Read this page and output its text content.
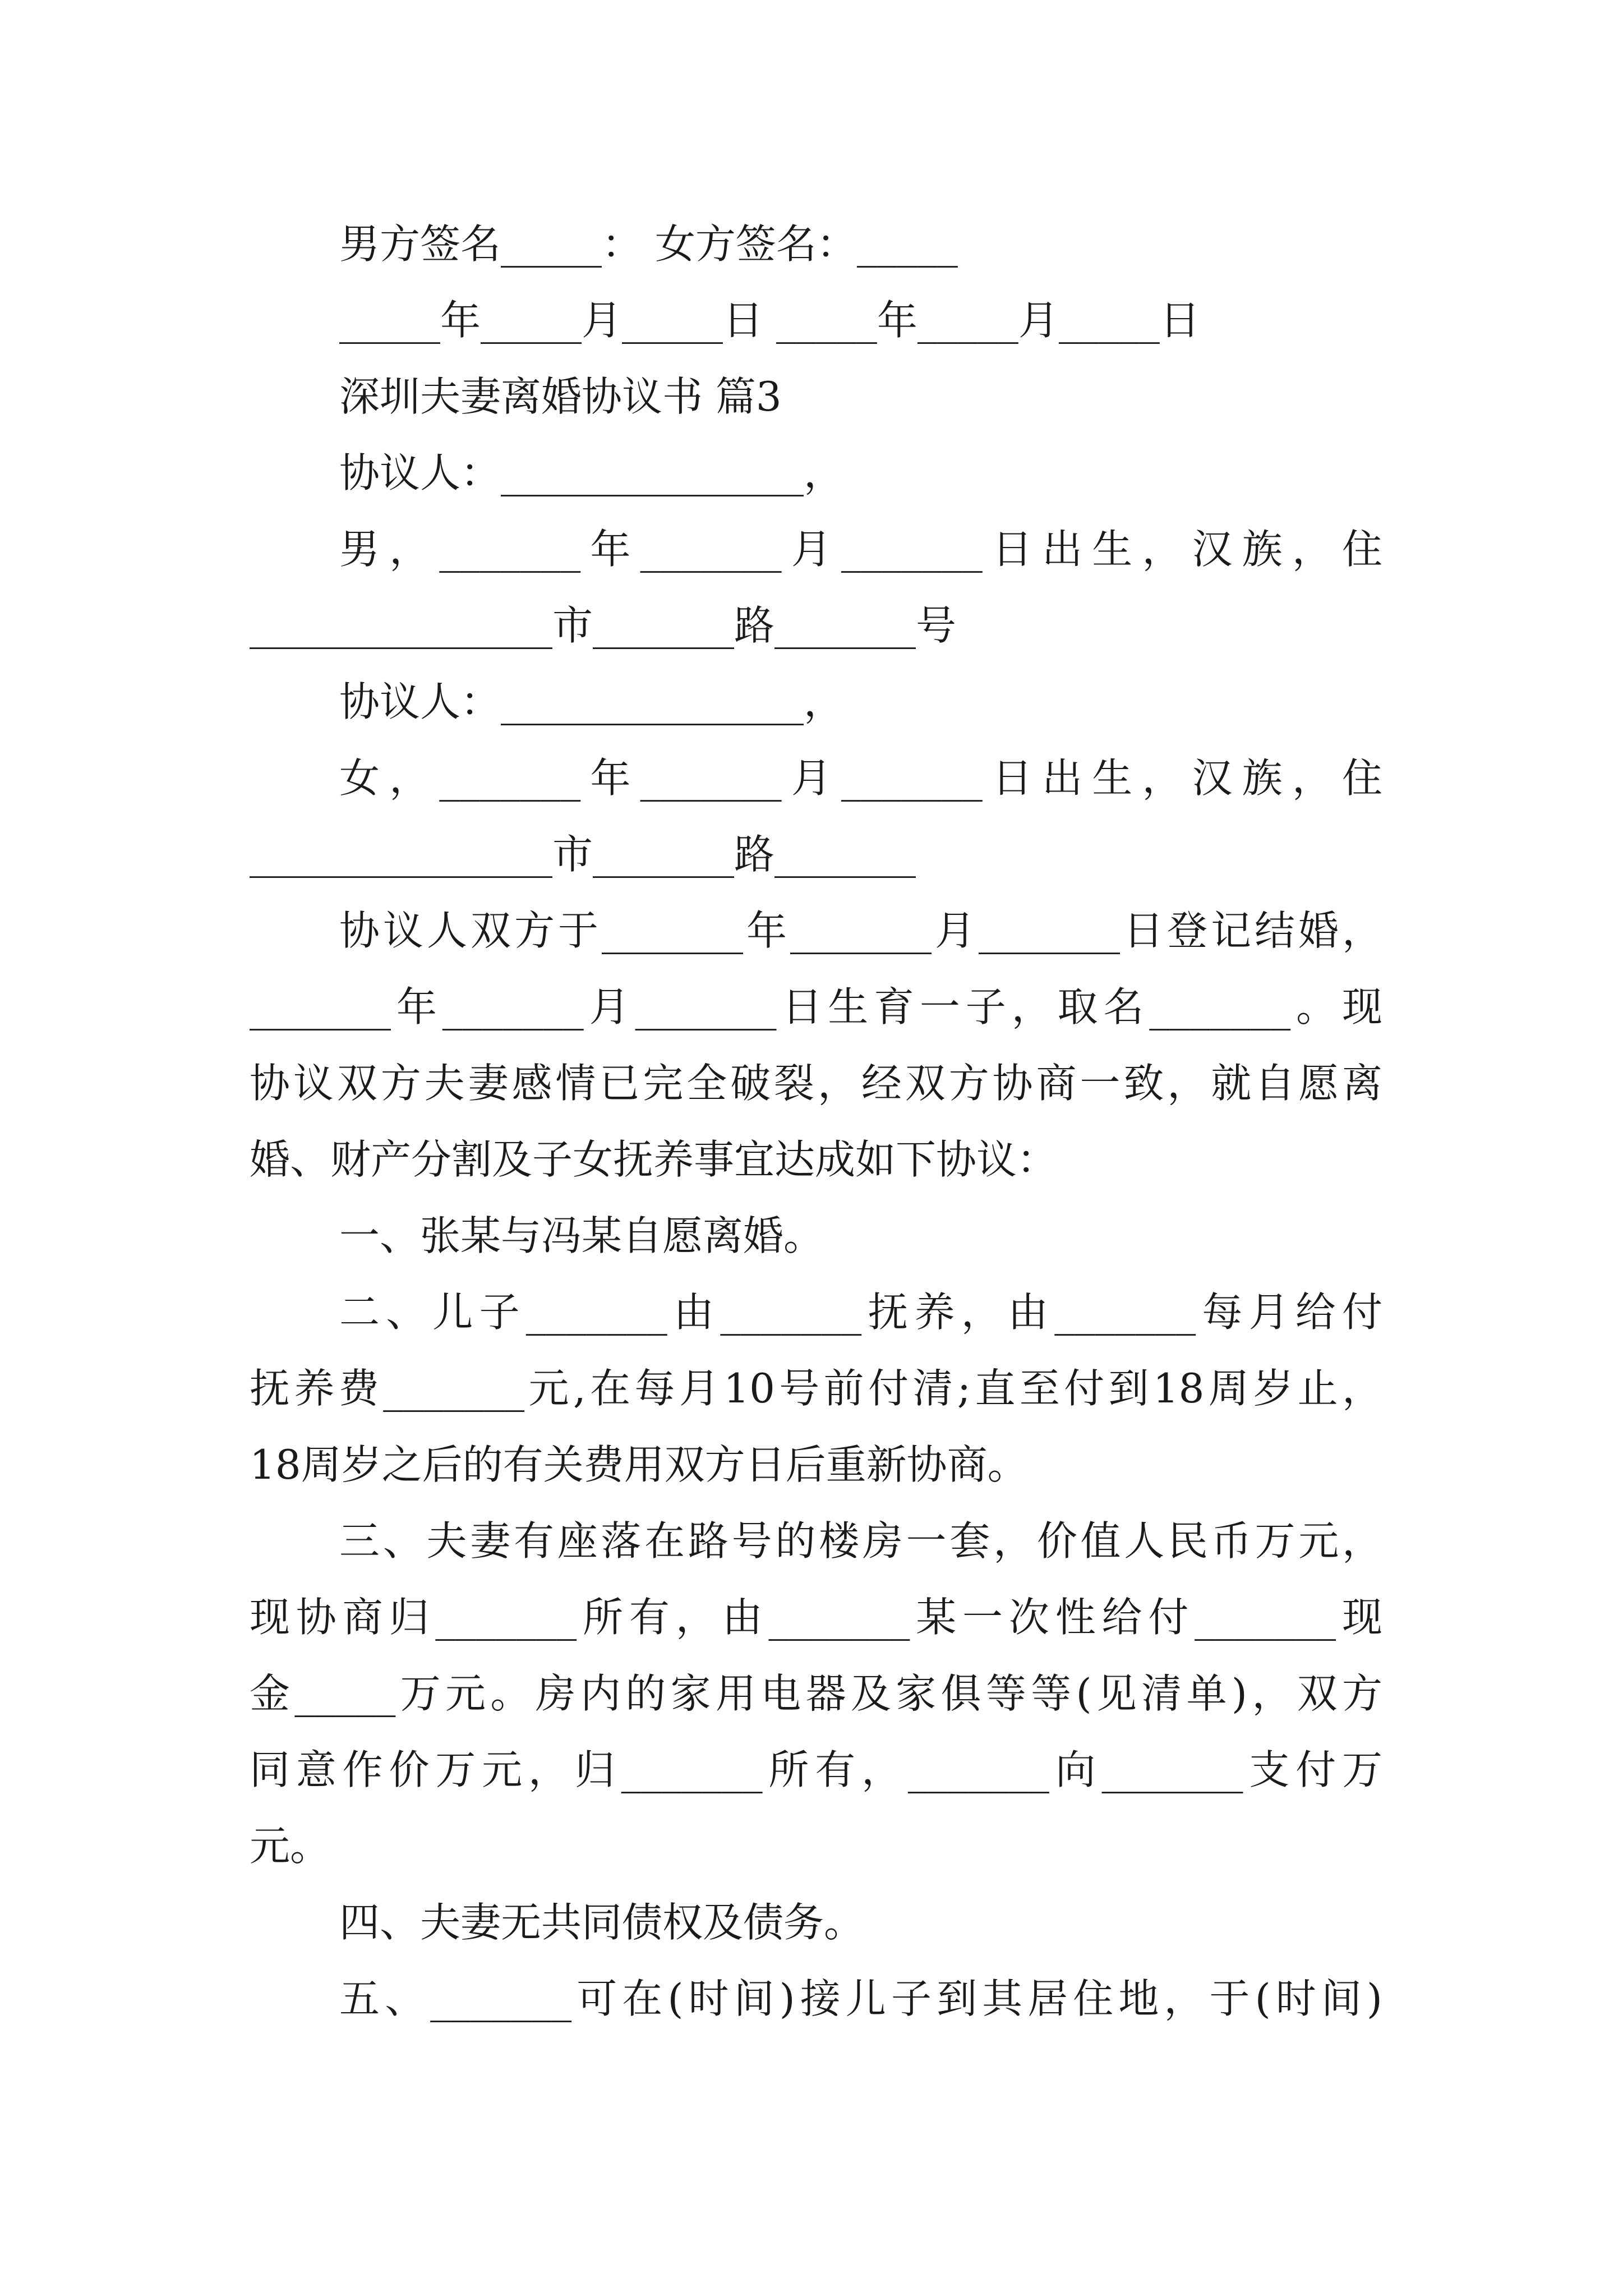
男方签名_____： 女方签名：_____
_____年_____月_____日 _____年_____月_____日
深圳夫妻离婚协议书 篇3
协议人：_______________，
男，_______年_______月_______日出生，汉族，住
_______________市_______路_______号
协议人：_______________，
女，_______年_______月_______日出生，汉族，住
_______________市_______路_______
协议人双方于_______年_______月_______日登记结婚，
_______年_______月_______日生育一子，取名_______。现
协议双方夫妻感情已完全破裂，经双方协商一致，就自愿离
婚、财产分割及子女抚养事宜达成如下协议：
一、张某与冯某自愿离婚。
二、儿子_______由_______抚养，由_______每月给付
抚养费_______元,在每月10号前付清;直至付到18周岁止，
18周岁之后的有关费用双方日后重新协商。
三、夫妻有座落在路号的楼房一套，价值人民币万元，
现协商归_______所有，由_______某一次性给付_______现
金_____万元。房内的家用电器及家俱等等(见清单)，双方
同意作价万元，归_______所有，_______向_______支付万
元。
四、夫妻无共同债权及债务。
五、_______可在(时间)接儿子到其居住地，于(时间)
